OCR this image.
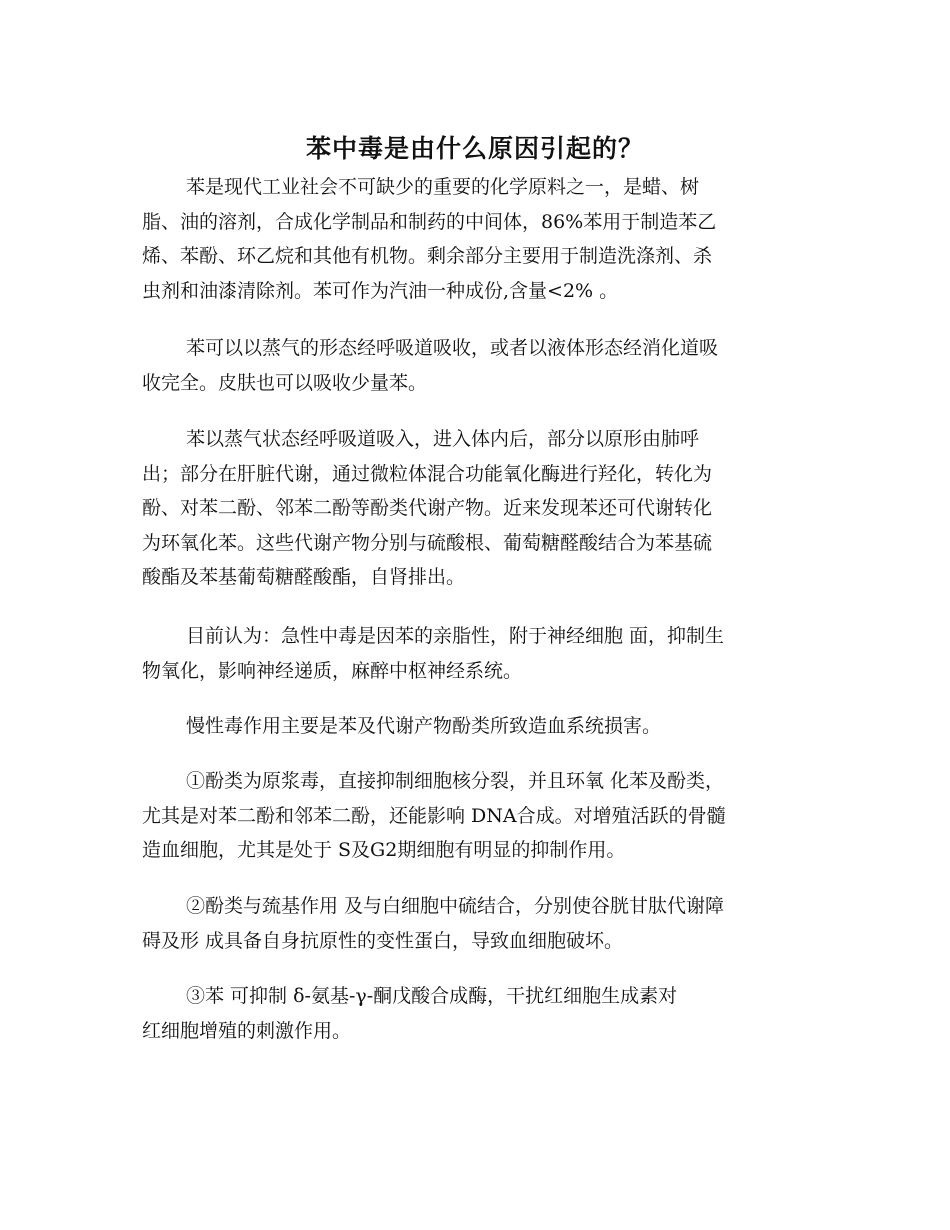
苯中毒是由什么原因引起的？

苯是现代工业社会不可缺少的重要的化学原料之一，是蜡、树
脂、油的溶剂，合成化学制品和制药的中间体，86%苯用于制造苯乙
烯、苯酚、环乙烷和其他有机物。剩余部分主要用于制造洗涤剂、杀
虫剂和油漆清除剂。苯可作为汽油一种成份,含量<2% 。

苯可以以蒸气的形态经呼吸道吸收，或者以液体形态经消化道吸
收完全。皮肤也可以吸收少量苯。

苯以蒸气状态经呼吸道吸入，进入体内后，部分以原形由肺呼
出；部分在肝脏代谢，通过微粒体混合功能氧化酶进行羟化，转化为
酚、对苯二酚、邻苯二酚等酚类代谢产物。近来发现苯还可代谢转化
为环氧化苯。这些代谢产物分别与硫酸根、葡萄糖醛酸结合为苯基硫
酸酯及苯基葡萄糖醛酸酯，自肾排出。

目前认为：急性中毒是因苯的亲脂性，附于神经细胞 面，抑制生
物氧化，影响神经递质，麻醉中枢神经系统。

慢性毒作用主要是苯及代谢产物酚类所致造血系统损害。

①酚类为原浆毒，直接抑制细胞核分裂，并且环氧 化苯及酚类，
尤其是对苯二酚和邻苯二酚，还能影响 DNA合成。对增殖活跃的骨髓
造血细胞，尤其是处于 S及G2期细胞有明显的抑制作用。

②酚类与巯基作用 及与白细胞中硫结合，分别使谷胱甘肽代谢障
碍及形 成具备自身抗原性的变性蛋白，导致血细胞破坏。

③苯 可抑制 δ-氨基-γ-酮戊酸合成酶，干扰红细胞生成素对
红细胞增殖的刺激作用。
